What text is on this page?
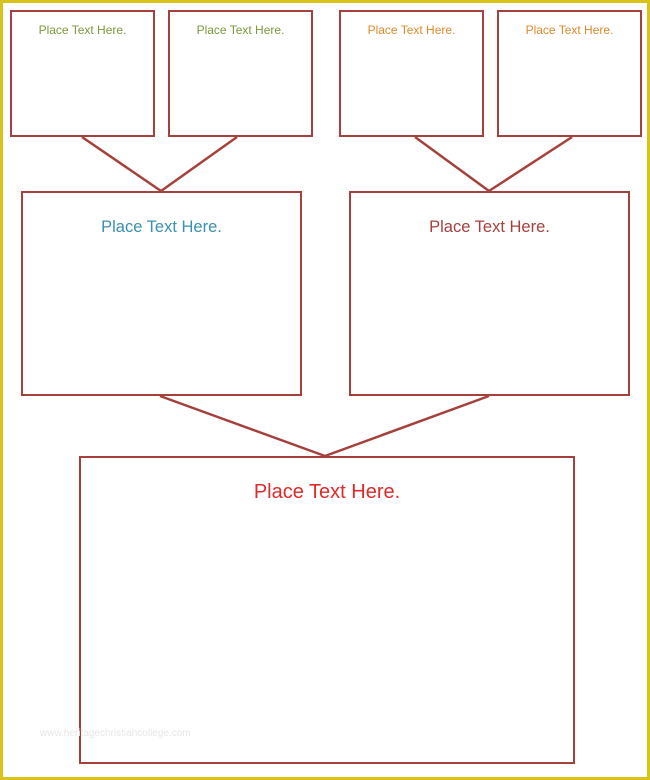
Place Text Here.	Place Text Here.	Place Text Here.	Place Text Here.
Place Text Here.	Place Text Here.
Place Text Here.
www.heritagechristiancollege.com
